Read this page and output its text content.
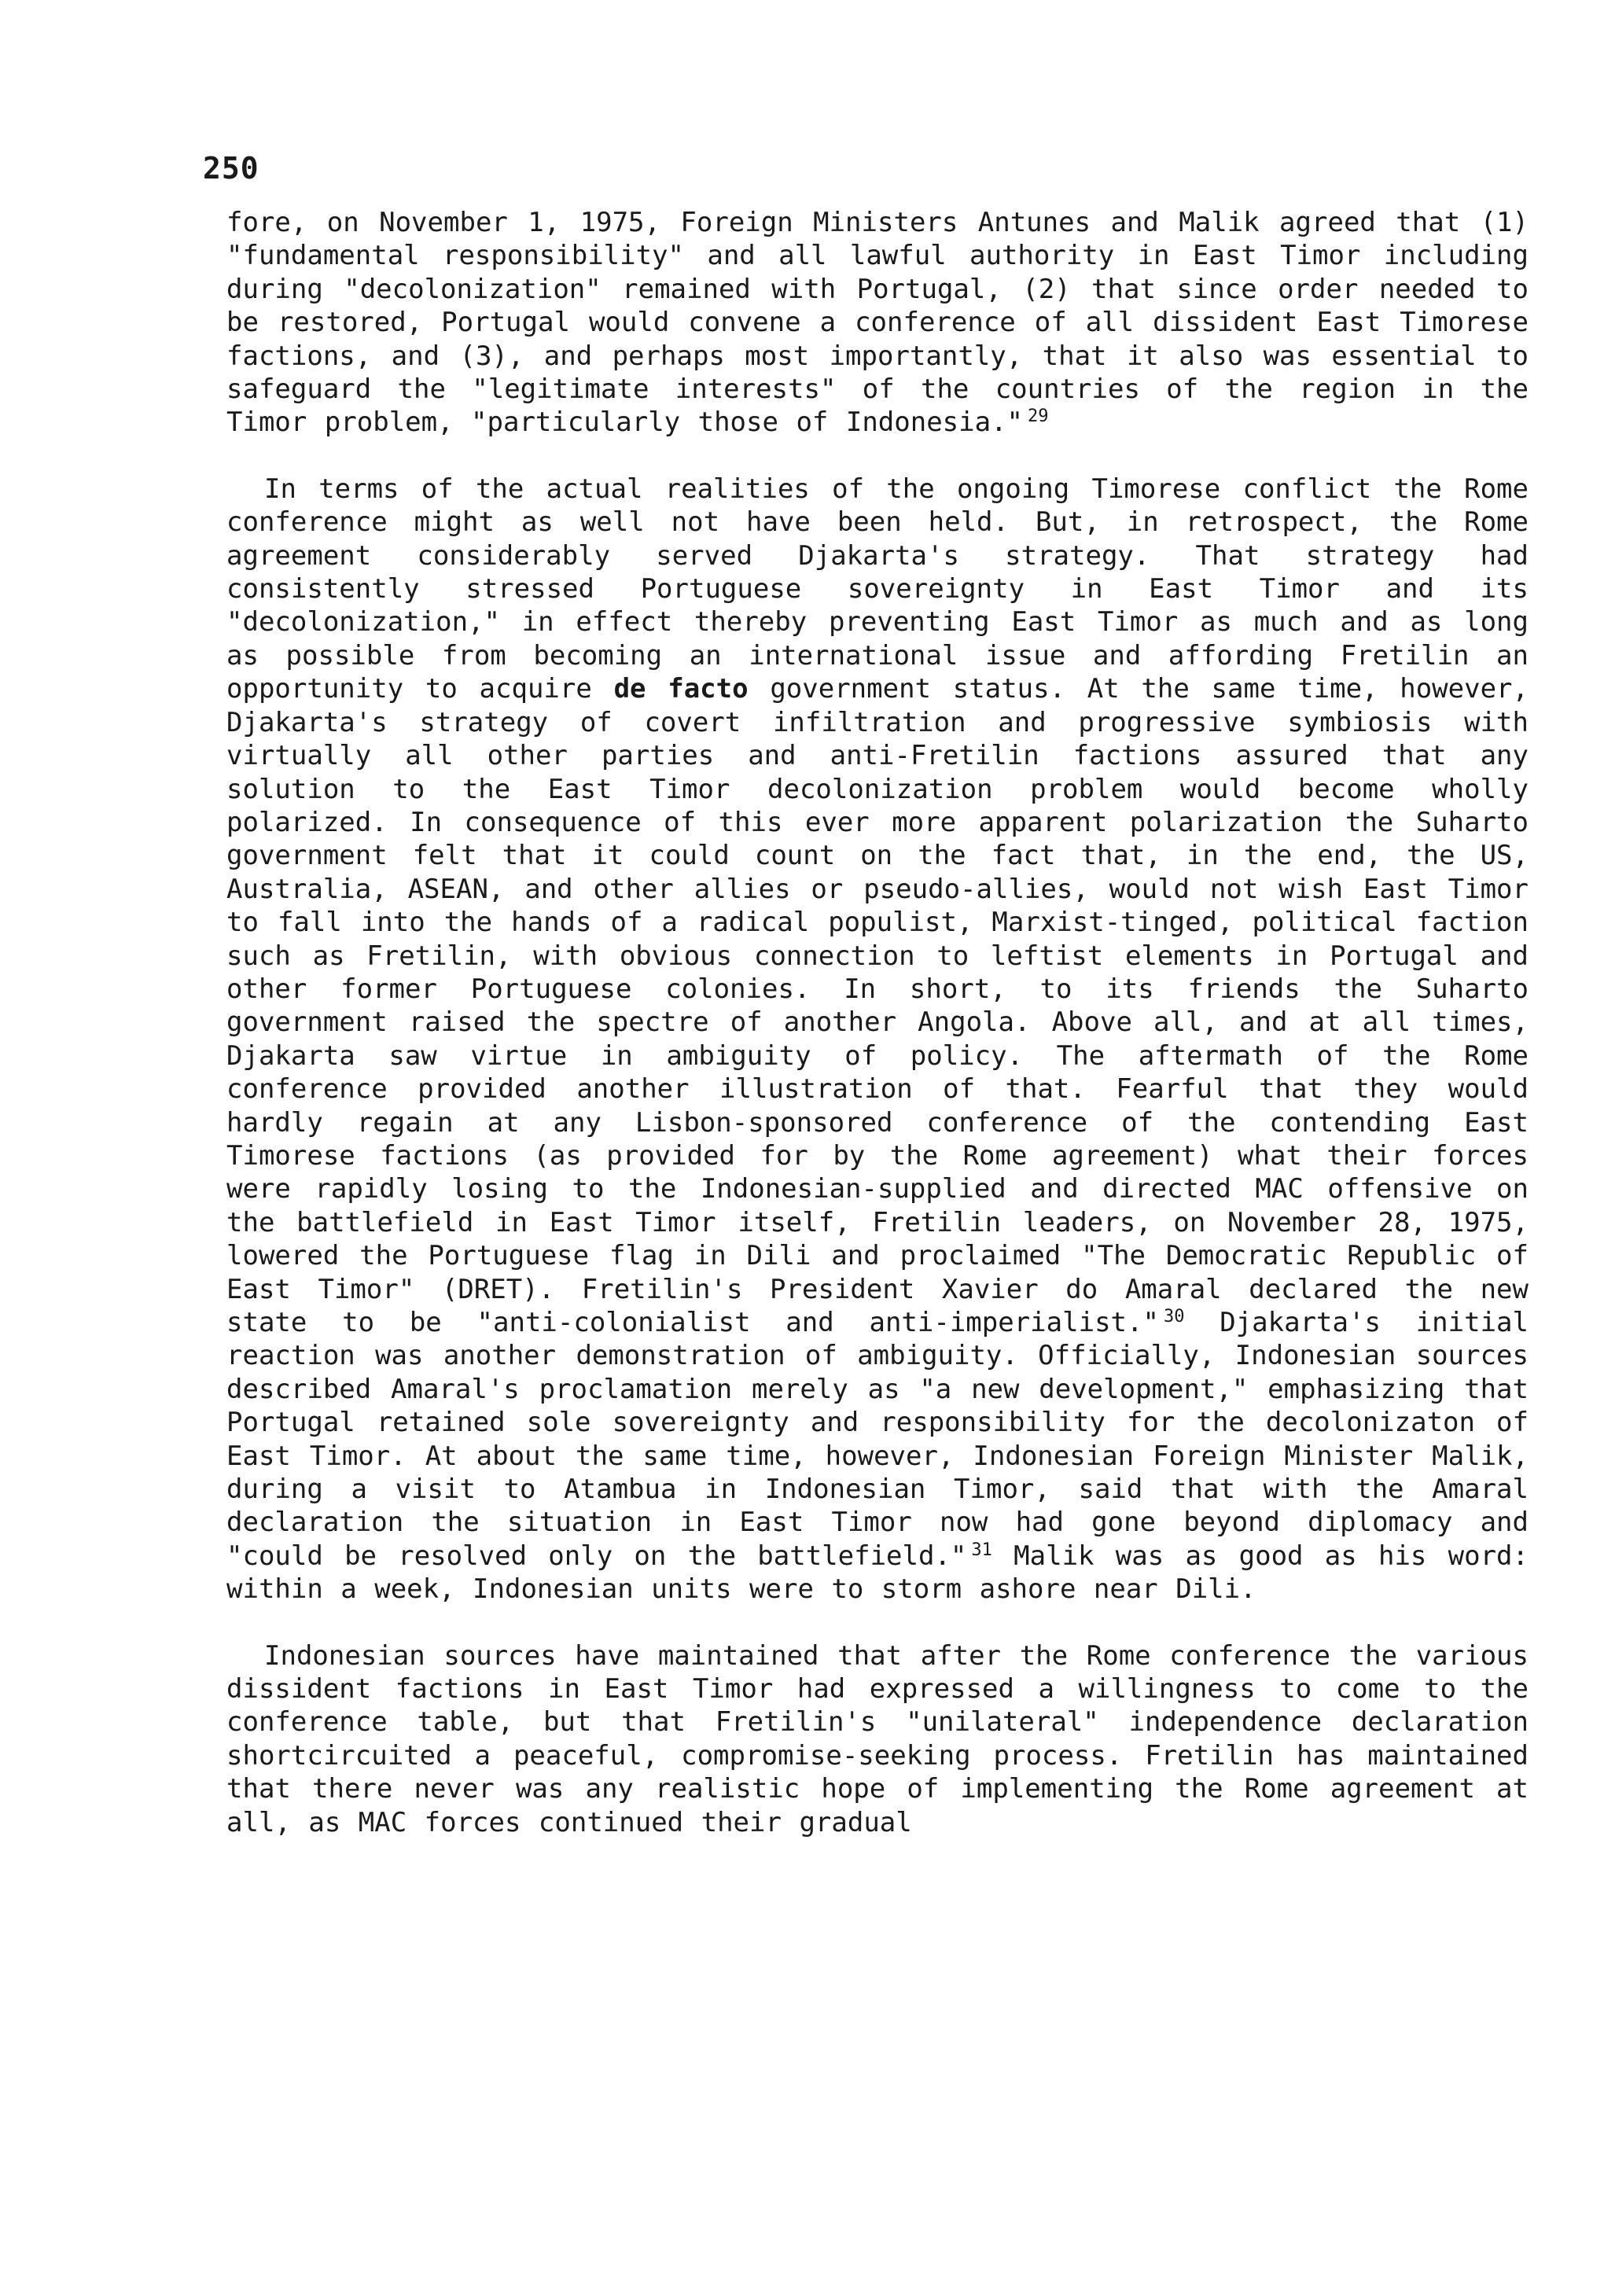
250

fore, on November 1, 1975, Foreign Ministers Antunes and Malik agreed that (1) "fundamental responsibility" and all lawful authority in East Timor including during "decolonization" remained with Portugal, (2) that since order needed to be restored, Portugal would convene a conference of all dissident East Timorese factions, and (3), and perhaps most importantly, that it also was essential to safeguard the "legitimate interests" of the countries of the region in the Timor problem, "particularly those of Indonesia." $^{29}$

In terms of the actual realities of the ongoing Timorese conflict the Rome conference might as well not have been held. But, in retrospect, the Rome agreement considerably served Djakarta's strategy. That strategy had consistently stressed Portuguese sovereignty in East Timor and its "decolonization," in effect thereby preventing East Timor as much and as long as possible from becoming an international issue and affording Fretilin an opportunity to acquire de facto government status. At the same time, however, Djakarta's strategy of covert infiltration and progressive symbiosis with virtually all other parties and anti-Fretilin factions assured that any solution to the East Timor decolonization problem would become wholly polarized. In consequence of this ever more apparent polarization the Suharto government felt that it could count on the fact that, in the end, the US, Australia, ASEAN, and other allies or pseudo-allies, would not wish East Timor to fall into the hands of a radical populist, Marxist-tinged, political faction such as Fretilin, with obvious connection to leftist elements in Portugal and other former Portuguese colonies. In short, to its friends the Suharto government raised the spectre of another Angola. Above all, and at all times, Djakarta saw virtue in ambiguity of policy. The aftermath of the Rome conference provided another illustration of that. Fearful that they would hardly regain at any Lisbon-sponsored conference of the contending East Timorese factions (as provided for by the Rome agreement) what their forces were rapidly losing to the Indonesian-supplied and directed MAC offensive on the battlefield in East Timor itself, Fretilin leaders, on November 28, 1975, lowered the Portuguese flag in Dili and proclaimed "The Democratic Republic of East Timor" (DRET). Fretilin's President Xavier do Amaral declared the new state to be "anti-colonialist and anti-imperialist." $^{30}$ Djakarta's initial reaction was another demonstration of ambiguity. Officially, Indonesian sources described Amaral's proclamation merely as "a new development," emphasizing that Portugal retained sole sovereignty and responsibility for the decolonizaton of East Timor. At about the same time, however, Indonesian Foreign Minister Malik, during a visit to Atambua in Indonesian Timor, said that with the Amaral declaration the situation in East Timor now had gone beyond diplomacy and "could be resolved only on the battlefield." $^{31}$ Malik was as good as his word: within a week, Indonesian units were to storm ashore near Dili.

Indonesian sources have maintained that after the Rome conference the various dissident factions in East Timor had expressed a willingness to come to the conference table, but that Fretilin's "unilateral" independence declaration shortcircuited a peaceful, compromise-seeking process. Fretilin has maintained that there never was any realistic hope of implementing the Rome agreement at all, as MAC forces continued their gradual
